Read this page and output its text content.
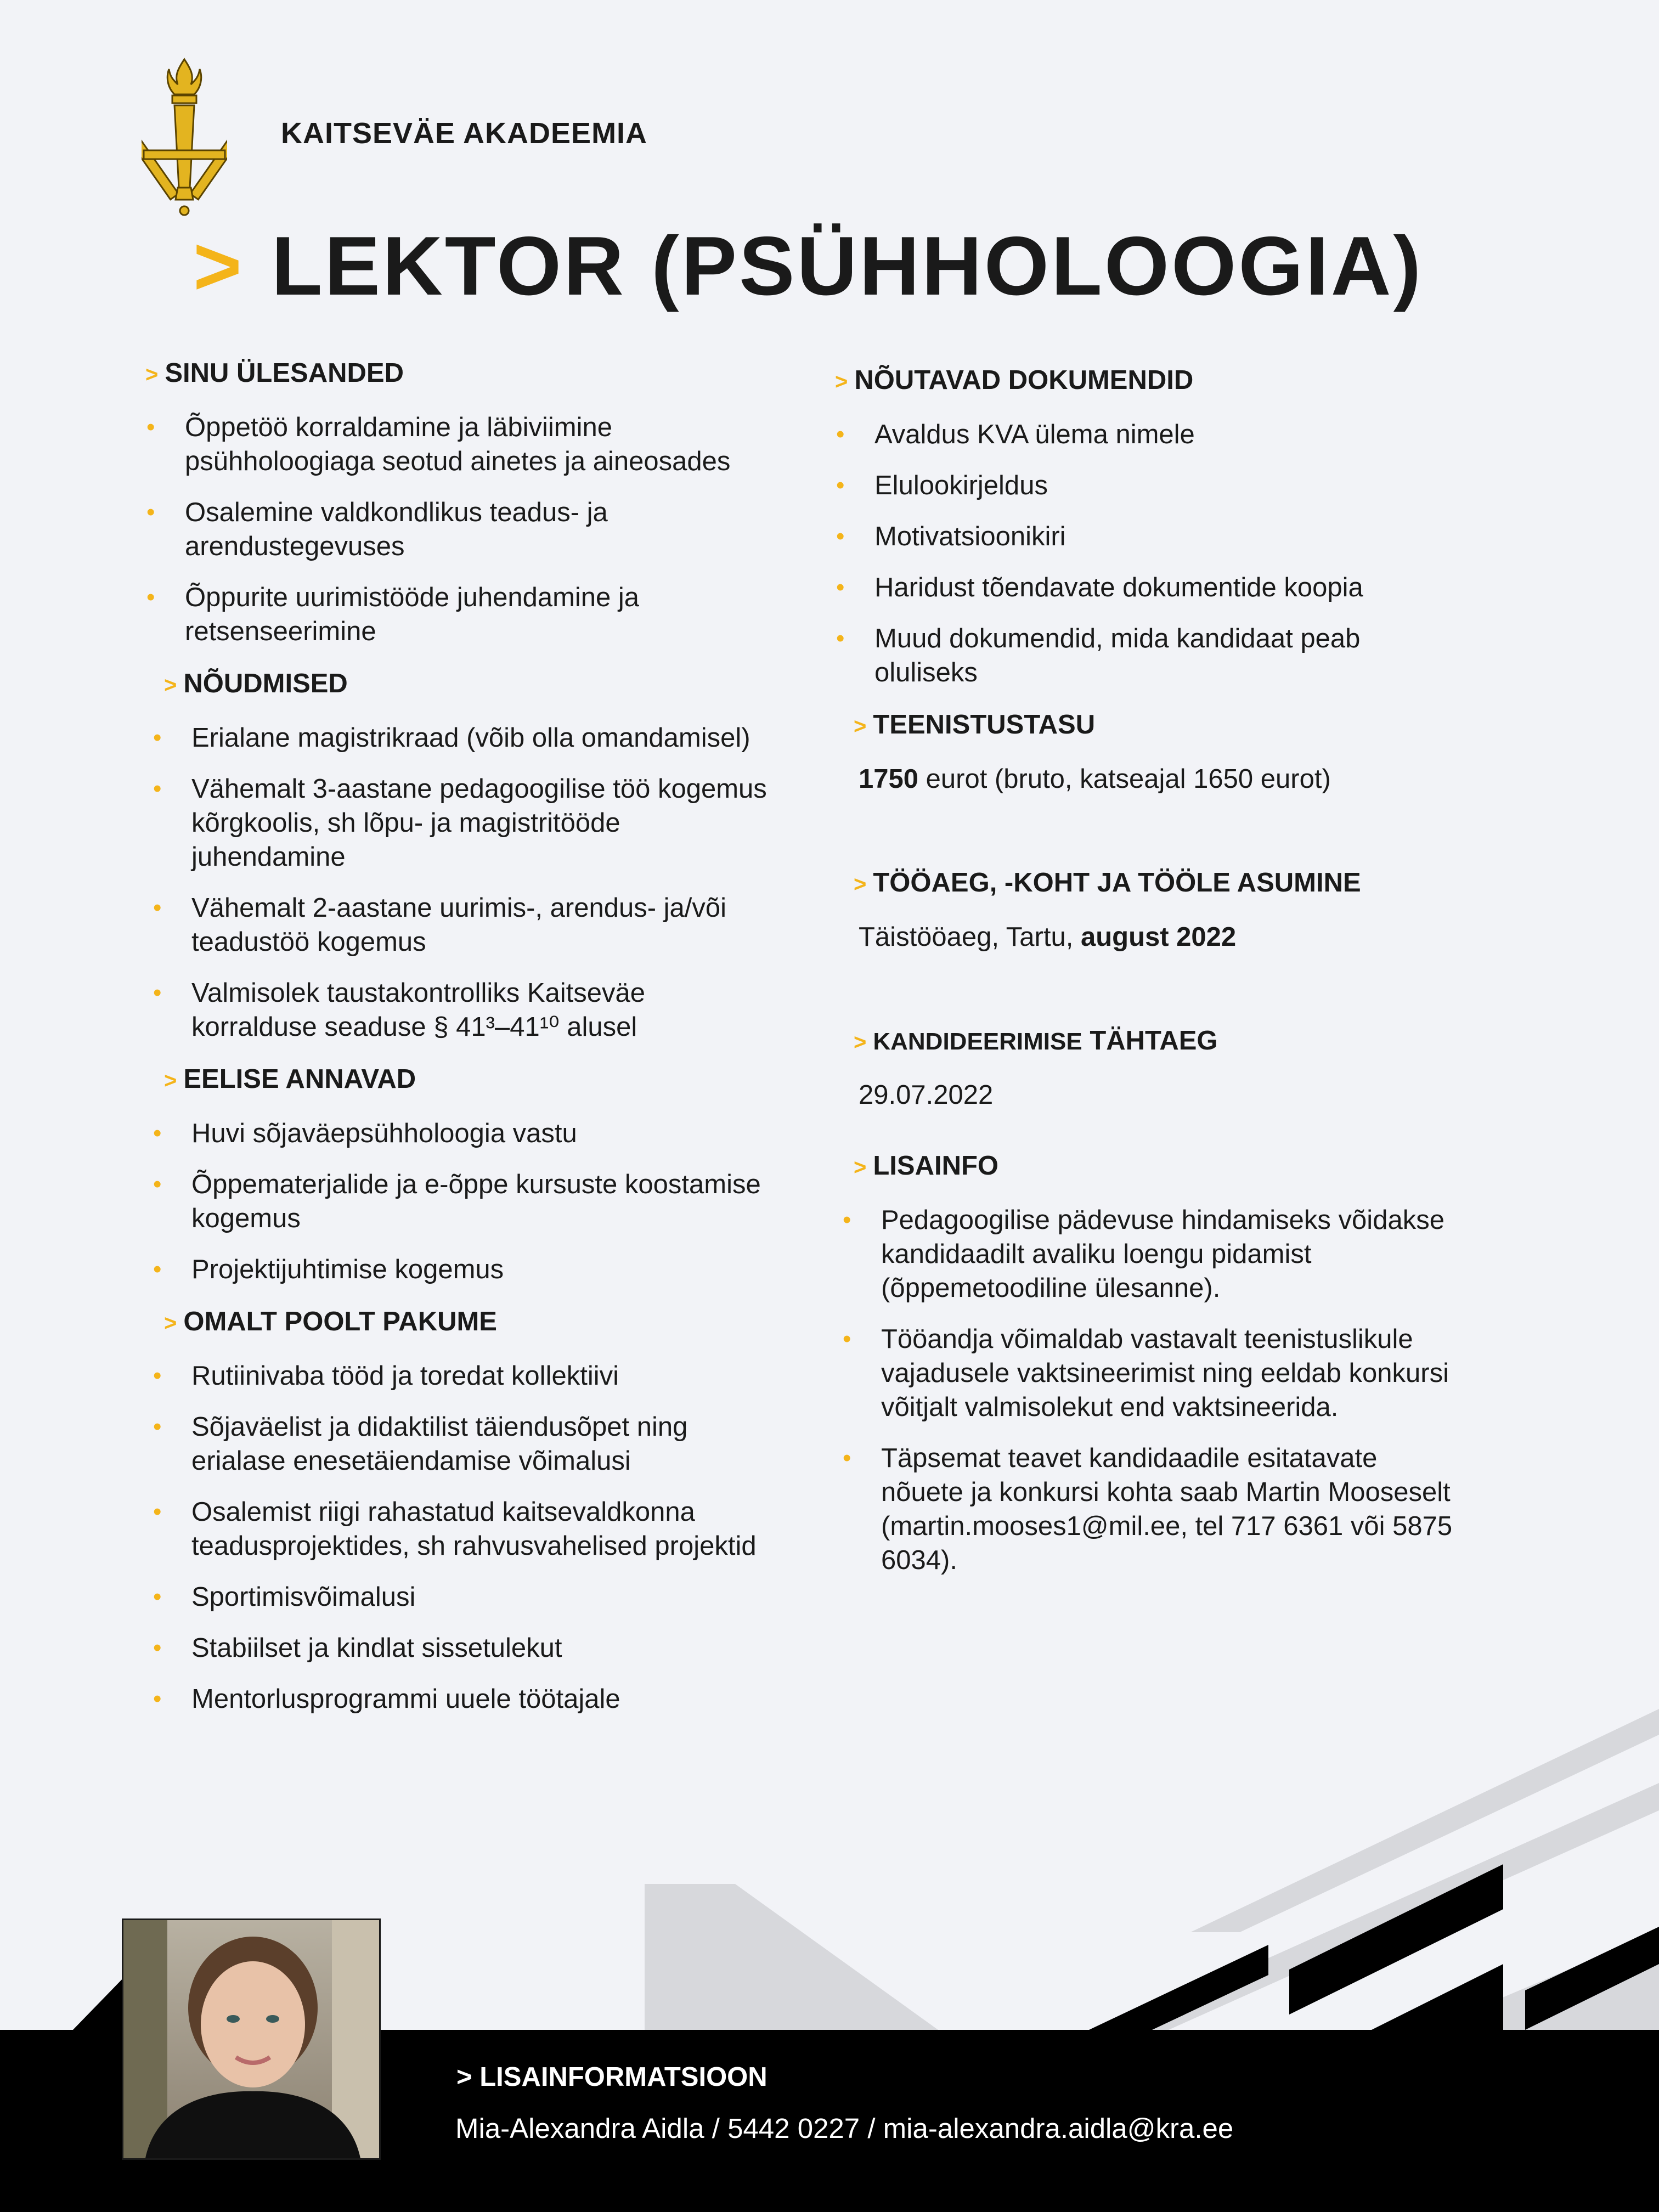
KAITSEVÄE AKADEEMIA
> LEKTOR (PSÜHHOLOOGIA)
> SINU ÜLESANDED
• Õppetöö korraldamine ja läbiviimine psühholoogiaga seotud ainetes ja aineosades
• Osalemine valdkondlikus teadus- ja arendustegevuses
• Õppurite uurimistööde juhendamine ja retsenseerimine
> NÕUDMISED
• Erialane magistrikraad (võib olla omandamisel)
• Vähemalt 3-aastane pedagoogilise töö kogemus kõrgkoolis, sh lõpu- ja magistritööde juhendamine
• Vähemalt 2-aastane uurimis-, arendus- ja/või teadustöö kogemus
• Valmisolek taustakontrolliks Kaitseväe korralduse seaduse § 41³–41¹⁰ alusel
> EELISE ANNAVAD
• Huvi sõjaväepsühholoogia vastu
• Õppematerjalide ja e-õppe kursuste koostamise kogemus
• Projektijuhtimise kogemus
> OMALT POOLT PAKUME
• Rutiinivaba tööd ja toredat kollektiivi
• Sõjaväelist ja didaktilist täiendusõpet ning erialase enesetäiendamise võimalusi
• Osalemist riigi rahastatud kaitsevaldkonna teadusprojektides, sh rahvusvahelised projektid
• Sportimisvõimalusi
• Stabiilset ja kindlat sissetulekut
• Mentorlusprogrammi uuele töötajale
> NÕUTAVAD DOKUMENDID
• Avaldus KVA ülema nimele
• Elulookirjeldus
• Motivatsioonikiri
• Haridust tõendavate dokumentide koopia
• Muud dokumendid, mida kandidaat peab oluliseks
> TEENISTUSTASU

1750 eurot (bruto, katseajal 1650 eurot)

> TÖÖAEG, -KOHT JA TÖÖLE ASUMINE

Täistööaeg, Tartu, august 2022

> KANDIDEERIMISE TÄHTAEG

29.07.2022

> LISAINFO
• Pedagoogilise pädevuse hindamiseks võidakse kandidaadilt avaliku loengu pidamist (õppemetoodiline ülesanne).
• Tööandja võimaldab vastavalt teenistuslikule vajadusele vaktsineerimist ning eeldab konkursi võitjalt valmisolekut end vaktsineerida.
• Täpsemat teavet kandidaadile esitatavate nõuete ja konkursi kohta saab Martin Mooseselt (martin.mooses1@mil.ee, tel 717 6361 või 5875 6034).
> LISAINFORMATSIOON
Mia-Alexandra Aidla / 5442 0227 / mia-alexandra.aidla@kra.ee
